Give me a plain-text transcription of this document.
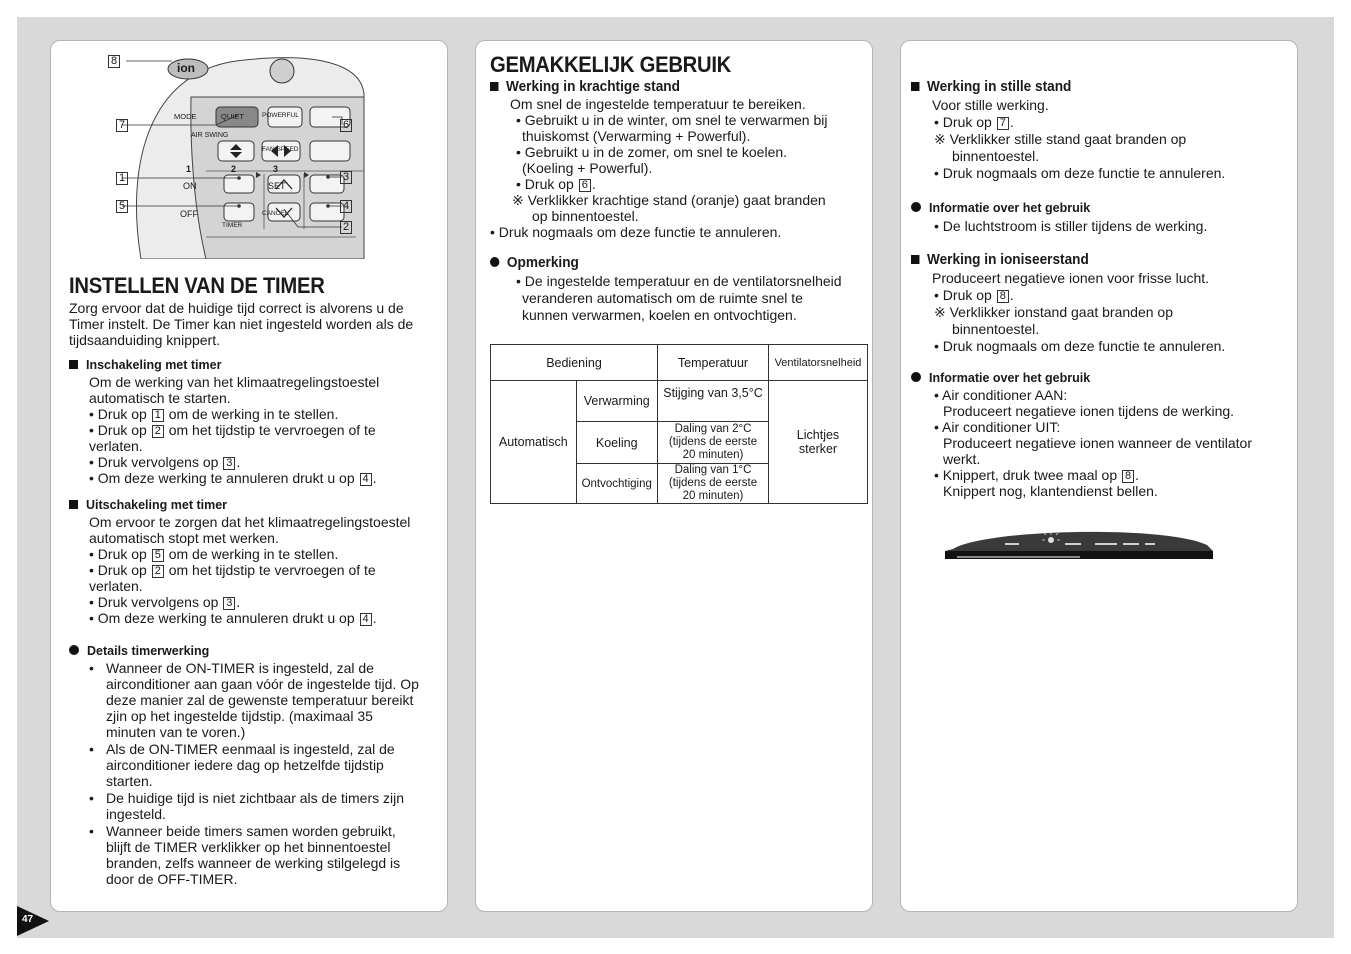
ion
MODE	QUIET	POWERFUL
AIR SWING
FAN SPEED
1	2	3
ON	SET
OFF	CANCEL
TIMER
8
7	6
1	3
5	4
2
INSTELLEN VAN DE TIMER
Zorg ervoor dat de huidige tijd correct is alvorens u de
Timer instelt. De Timer kan niet ingesteld worden als de
tijdsaanduiding knippert.
Inschakeling met timer
Om de werking van het klimaatregelingstoestel
automatisch te starten.
• Druk op 1 om de werking in te stellen.
• Druk op 2 om het tijdstip te vervroegen of te
verlaten.
• Druk vervolgens op 3 .
• Om deze werking te annuleren drukt u op 4 .
Uitschakeling met timer
Om ervoor te zorgen dat het klimaatregelingstoestel
automatisch stopt met werken.
• Druk op 5 om de werking in te stellen.
• Druk op 2 om het tijdstip te vervroegen of te
verlaten.
• Druk vervolgens op 3 .
• Om deze werking te annuleren drukt u op 4 .
Details timerwerking
• Wanneer de ON-TIMER is ingesteld, zal de
airconditioner aan gaan vóór de ingestelde tijd. Op
deze manier zal de gewenste temperatuur bereikt
zjin op het ingestelde tijdstip. (maximaal 35
minuten van te voren.)
• Als de ON-TIMER eenmaal is ingesteld, zal de
airconditioner iedere dag op hetzelfde tijdstip
starten.
• De huidige tijd is niet zichtbaar als de timers zijn
ingesteld.
• Wanneer beide timers samen worden gebruikt,
blijft de TIMER verklikker op het binnentoestel
branden, zelfs wanneer de werking stilgelegd is
door de OFF-TIMER.
GEMAKKELIJK GEBRUIK
Werking in krachtige stand
Om snel de ingestelde temperatuur te bereiken.
• Gebruikt u in de winter, om snel te verwarmen bij
thuiskomst (Verwarming + Powerful).
• Gebruikt u in de zomer, om snel te koelen.
(Koeling + Powerful).
• Druk op 6 .
※ Verklikker krachtige stand (oranje) gaat branden
op binnentoestel.
• Druk nogmaals om deze functie te annuleren.
Opmerking
• De ingestelde temperatuur en de ventilatorsnelheid
veranderen automatisch om de ruimte snel te
kunnen verwarmen, koelen en ontvochtigen.
Bediening		Temperatuur	Ventilatorsnelheid
Automatisch	Verwarming	Stijging van 3,5°C	Lichtjes
sterker

	Koeling	Daling van 2°C
(tijdens de eerste
20 minuten)	

	Ontvochtiging	Daling van 1°C
(tijdens de eerste
20 minuten)	
Werking in stille stand
Voor stille werking.
• Druk op 7 .
※ Verklikker stille stand gaat branden op
binnentoestel.
• Druk nogmaals om deze functie te annuleren.
Informatie over het gebruik
• De luchtstroom is stiller tijdens de werking.
Werking in ioniseerstand
Produceert negatieve ionen voor frisse lucht.
• Druk op 8 .
※ Verklikker ionstand gaat branden op
binnentoestel.
• Druk nogmaals om deze functie te annuleren.
Informatie over het gebruik
• Air conditioner AAN:
Produceert negatieve ionen tijdens de werking.
• Air conditioner UIT:
Produceert negatieve ionen wanneer de ventilator
werkt.
• Knippert, druk twee maal op 8 .
Knippert nog, klantendienst bellen.
47
